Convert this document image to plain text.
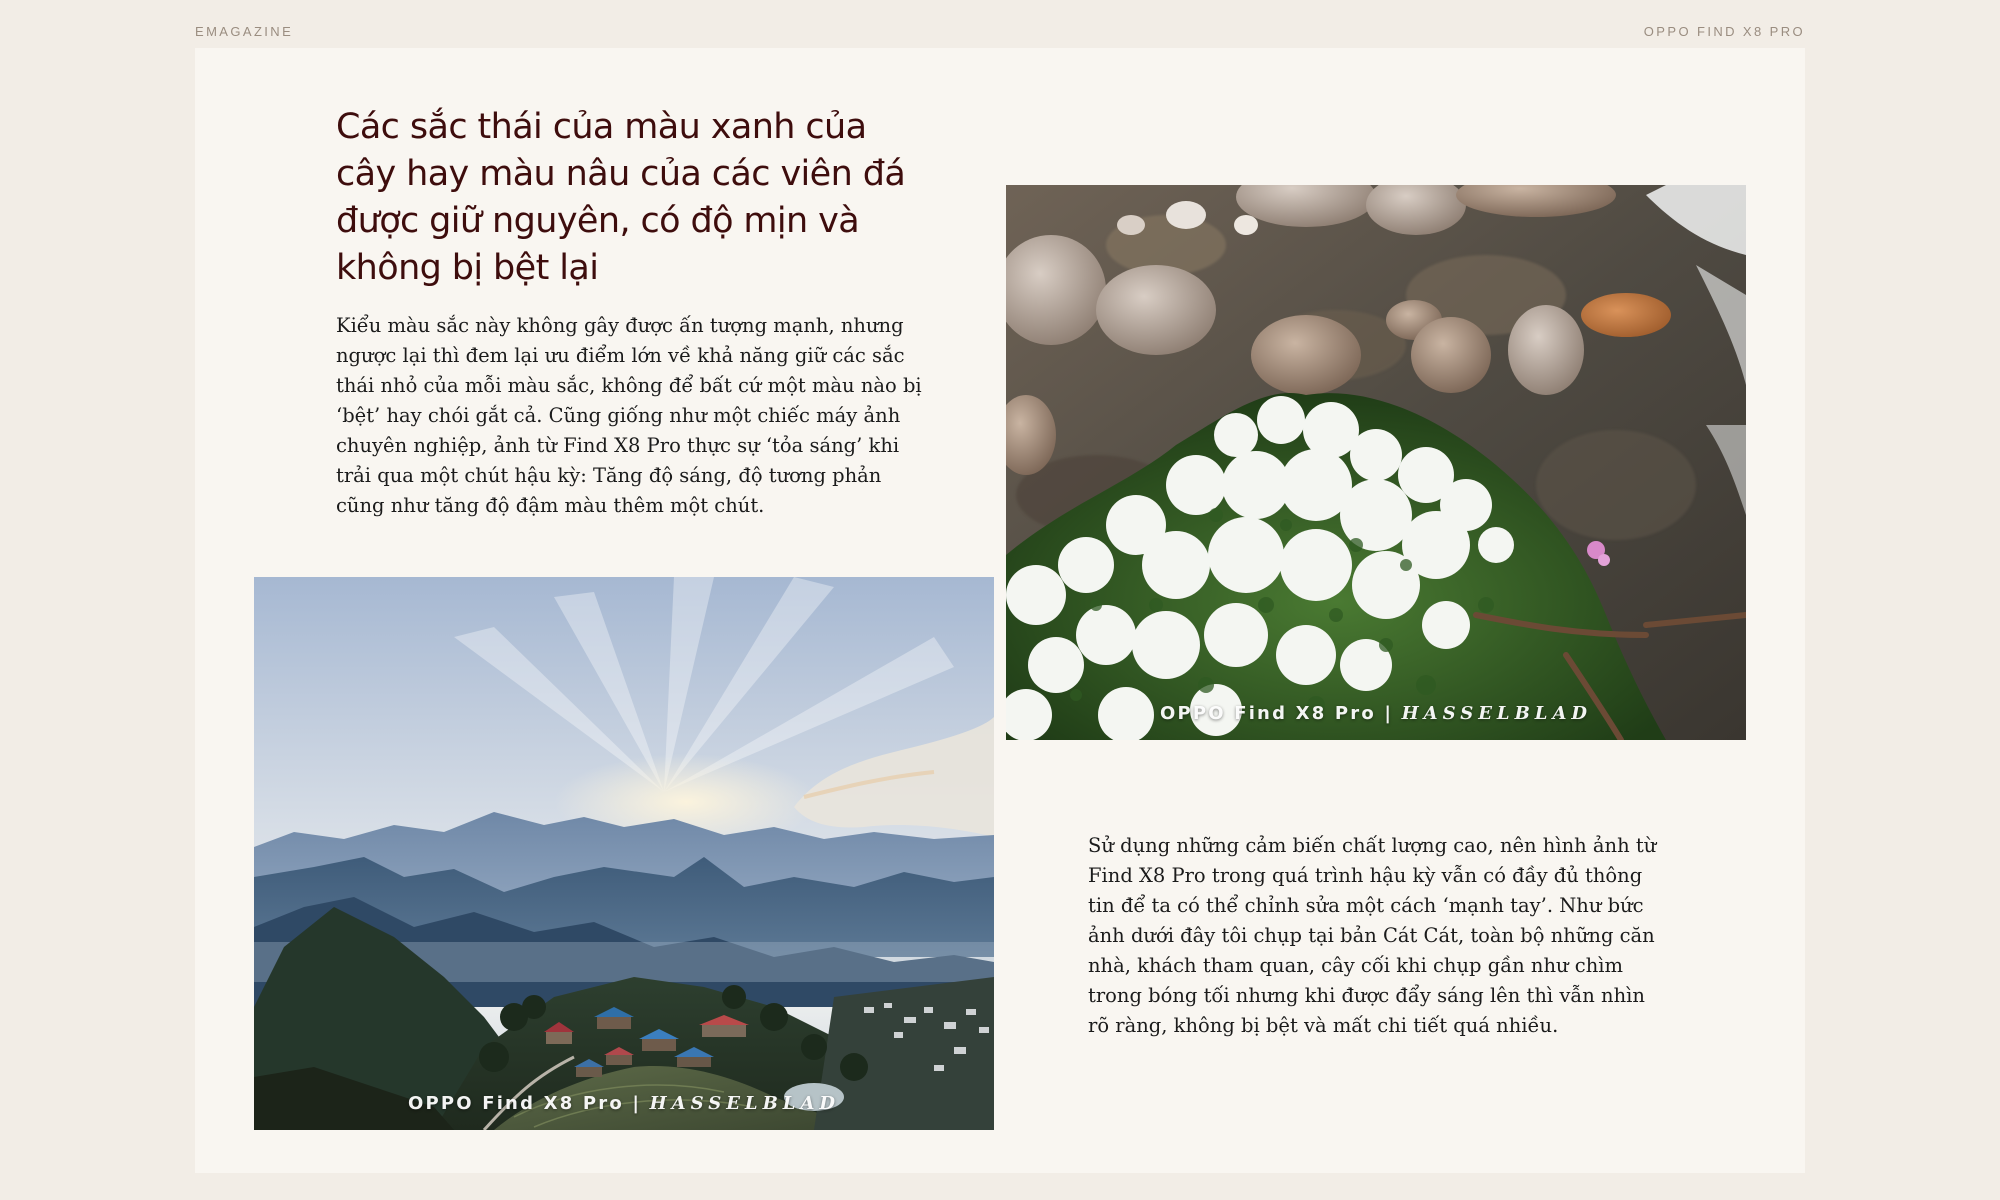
EMAGAZINE	OPPO FIND X8 PRO
Các sắc thái của màu xanh của cây hay màu nâu của các viên đá được giữ nguyên, có độ mịn và không bị bệt lại

Kiểu màu sắc này không gây được ấn tượng mạnh, nhưng ngược lại thì đem lại ưu điểm lớn về khả năng giữ các sắc thái nhỏ của mỗi màu sắc, không để bất cứ một màu nào bị ‘bệt’ hay chói gắt cả. Cũng giống như một chiếc máy ảnh chuyên nghiệp, ảnh từ Find X8 Pro thực sự ‘tỏa sáng’ khi trải qua một chút hậu kỳ: Tăng độ sáng, độ tương phản cũng như tăng độ đậm màu thêm một chút.

OPPO Find X8 Pro | HASSELBLAD
OPPO Find X8 Pro | HASSELBLAD

Sử dụng những cảm biến chất lượng cao, nên hình ảnh từ Find X8 Pro trong quá trình hậu kỳ vẫn có đầy đủ thông tin để ta có thể chỉnh sửa một cách ‘mạnh tay’. Như bức ảnh dưới đây tôi chụp tại bản Cát Cát, toàn bộ những căn nhà, khách tham quan, cây cối khi chụp gần như chìm trong bóng tối nhưng khi được đẩy sáng lên thì vẫn nhìn rõ ràng, không bị bệt và mất chi tiết quá nhiều.
